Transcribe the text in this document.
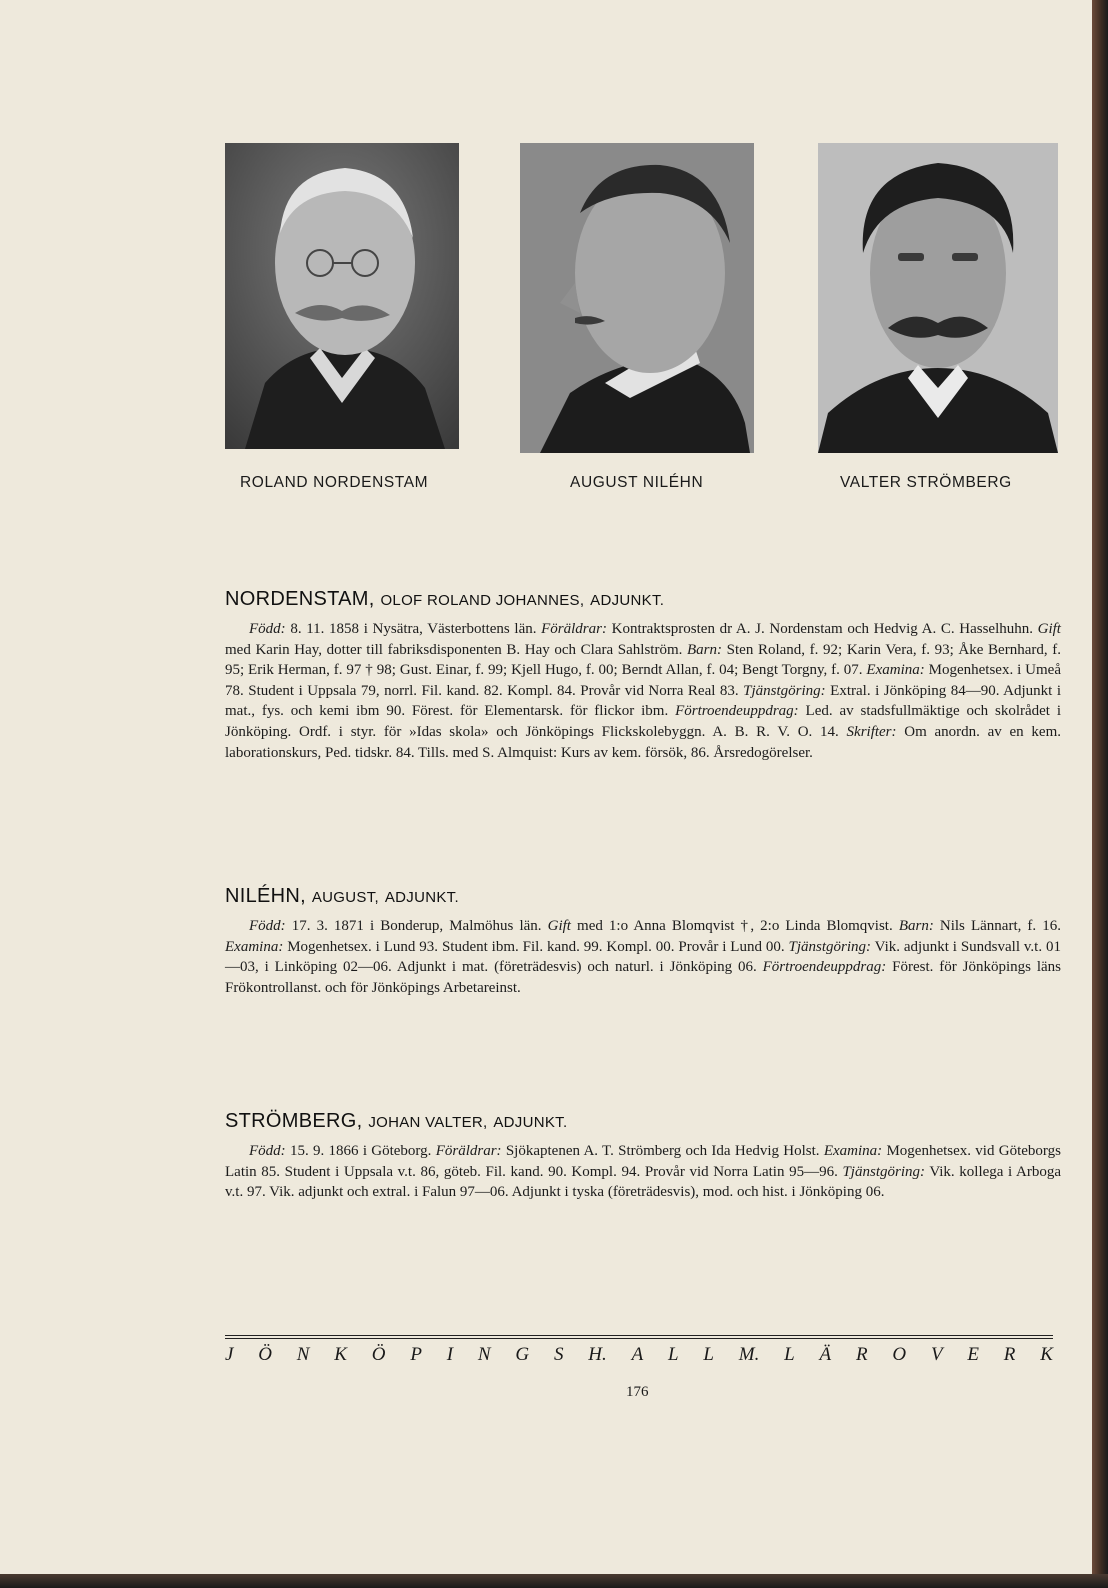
ROLAND NORDENSTAM	AUGUST NILÉHN	VALTER STRÖMBERG
NORDENSTAM, OLOF ROLAND JOHANNES, ADJUNKT.

Född: 8. 11. 1858 i Nysätra, Västerbottens län. Föräldrar: Kontraktsprosten dr A. J. Nordenstam och Hedvig A. C. Hasselhuhn. Gift med Karin Hay, dotter till fabriksdisponenten B. Hay och Clara Sahlström. Barn: Sten Roland, f. 92; Karin Vera, f. 93; Åke Bernhard, f. 95; Erik Herman, f. 97 † 98; Gust. Einar, f. 99; Kjell Hugo, f. 00; Berndt Allan, f. 04; Bengt Torgny, f. 07. Examina: Mogenhetsex. i Umeå 78. Student i Uppsala 79, norrl. Fil. kand. 82. Kompl. 84. Provår vid Norra Real 83. Tjänstgöring: Extral. i Jönköping 84—90. Adjunkt i mat., fys. och kemi ibm 90. Förest. för Elementarsk. för flickor ibm. Förtroendeuppdrag: Led. av stadsfullmäktige och skolrådet i Jönköping. Ordf. i styr. för »Idas skola» och Jönköpings Flickskolebyggn. A. B. R. V. O. 14. Skrifter: Om anordn. av en kem. laborationskurs, Ped. tidskr. 84. Tills. med S. Almquist: Kurs av kem. försök, 86. Årsredogörelser.

NILÉHN, AUGUST, ADJUNKT.

Född: 17. 3. 1871 i Bonderup, Malmöhus län. Gift med 1:o Anna Blomqvist †, 2:o Linda Blomqvist. Barn: Nils Lännart, f. 16. Examina: Mogenhetsex. i Lund 93. Student ibm. Fil. kand. 99. Kompl. 00. Provår i Lund 00. Tjänstgöring: Vik. adjunkt i Sundsvall v.t. 01—03, i Linköping 02—06. Adjunkt i mat. (företrädesvis) och naturl. i Jönköping 06. Förtroendeuppdrag: Förest. för Jönköpings läns Frökontrollanst. och för Jönköpings Arbetareinst.

STRÖMBERG, JOHAN VALTER, ADJUNKT.

Född: 15. 9. 1866 i Göteborg. Föräldrar: Sjökaptenen A. T. Strömberg och Ida Hedvig Holst. Examina: Mogenhetsex. vid Göteborgs Latin 85. Student i Uppsala v.t. 86, göteb. Fil. kand. 90. Kompl. 94. Provår vid Norra Latin 95—96. Tjänstgöring: Vik. kollega i Arboga v.t. 97. Vik. adjunkt och extral. i Falun 97—06. Adjunkt i tyska (företrädesvis), mod. och hist. i Jönköping 06.

J Ö N K Ö P I N G S H. A L L M. L Ä R O V E R K
176
